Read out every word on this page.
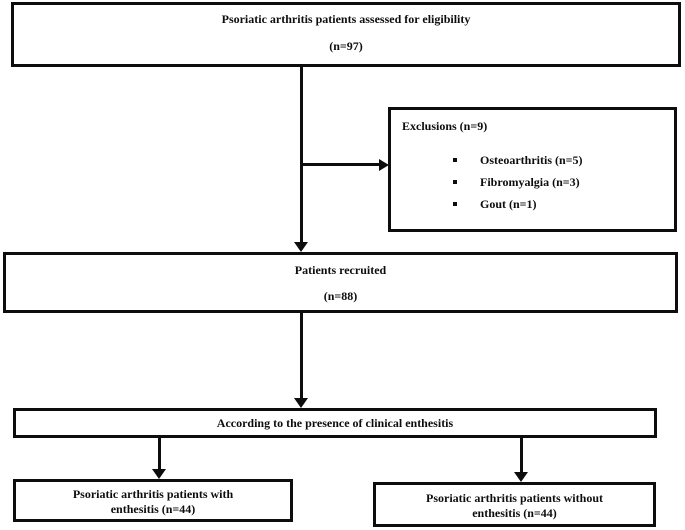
Psoriatic arthritis patients assessed for eligibility
(n=97)
Exclusions (n=9)
Osteoarthritis (n=5)
Fibromyalgia (n=3)
Gout (n=1)
Patients recruited
(n=88)
According to the presence of clinical enthesitis
Psoriatic arthritis patients with
enthesitis (n=44)
Psoriatic arthritis patients without
enthesitis (n=44)
